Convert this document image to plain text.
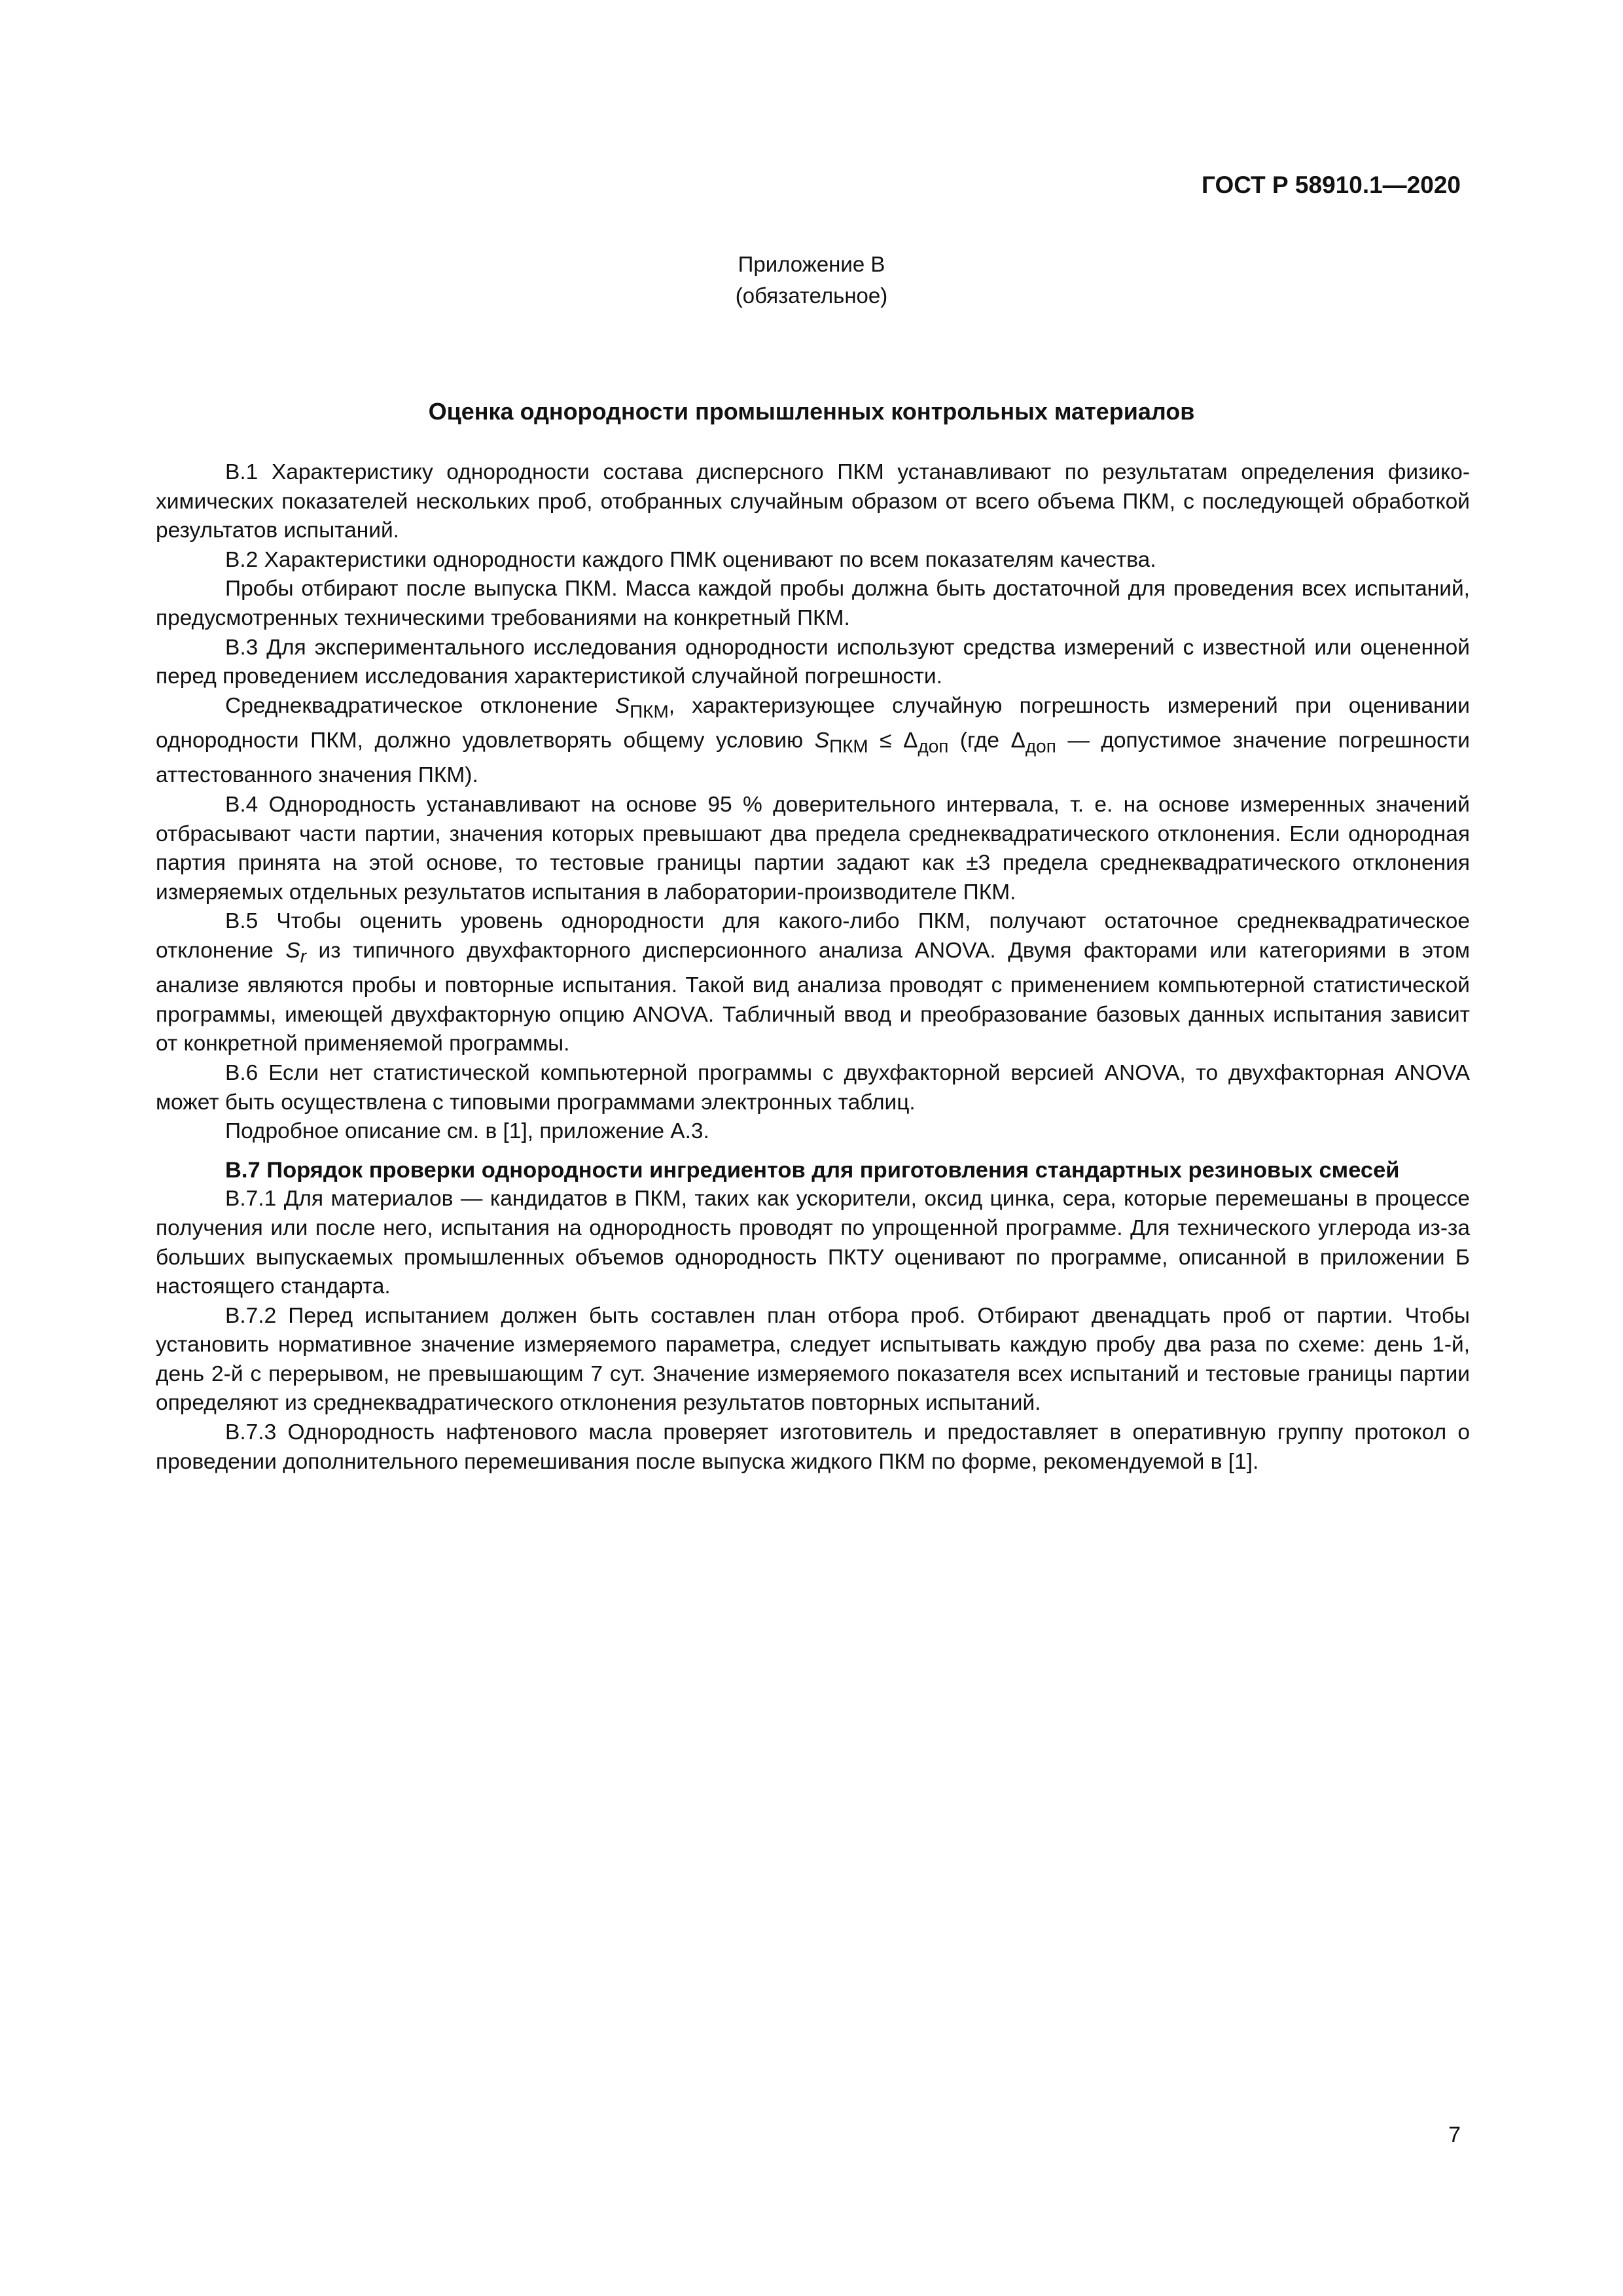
ГОСТ Р 58910.1—2020
Приложение В
(обязательное)
Оценка однородности промышленных контрольных материалов

В.1 Характеристику однородности состава дисперсного ПКМ устанавливают по результатам определения физико-химических показателей нескольких проб, отобранных случайным образом от всего объема ПКМ, с последующей обработкой результатов испытаний.

В.2 Характеристики однородности каждого ПМК оценивают по всем показателям качества.

Пробы отбирают после выпуска ПКМ. Масса каждой пробы должна быть достаточной для проведения всех испытаний, предусмотренных техническими требованиями на конкретный ПКМ.

В.3 Для экспериментального исследования однородности используют средства измерений с известной или оцененной перед проведением исследования характеристикой случайной погрешности.

Среднеквадратическое отклонение $S_{ПКМ}$, характеризующее случайную погрешность измерений при оценивании однородности ПКМ, должно удовлетворять общему условию $S_{ПКМ} \le \Delta_{доп}$ (где $\Delta_{доп}$ — допустимое значение погрешности аттестованного значения ПКМ).

В.4 Однородность устанавливают на основе 95 % доверительного интервала, т. е. на основе измеренных значений отбрасывают части партии, значения которых превышают два предела среднеквадратического отклонения. Если однородная партия принята на этой основе, то тестовые границы партии задают как ±3 предела среднеквадратического отклонения измеряемых отдельных результатов испытания в лаборатории-производителе ПКМ.

В.5 Чтобы оценить уровень однородности для какого-либо ПКМ, получают остаточное среднеквадратическое отклонение $S_r$ из типичного двухфакторного дисперсионного анализа ANOVA. Двумя факторами или категориями в этом анализе являются пробы и повторные испытания. Такой вид анализа проводят с применением компьютерной статистической программы, имеющей двухфакторную опцию ANOVA. Табличный ввод и преобразование базовых данных испытания зависит от конкретной применяемой программы.

В.6 Если нет статистической компьютерной программы с двухфакторной версией ANOVA, то двухфакторная ANOVA может быть осуществлена с типовыми программами электронных таблиц.

Подробное описание см. в [1], приложение А.3.

В.7 Порядок проверки однородности ингредиентов для приготовления стандартных резиновых смесей

В.7.1 Для материалов — кандидатов в ПКМ, таких как ускорители, оксид цинка, сера, которые перемешаны в процессе получения или после него, испытания на однородность проводят по упрощенной программе. Для технического углерода из-за больших выпускаемых промышленных объемов однородность ПКТУ оценивают по программе, описанной в приложении Б настоящего стандарта.

В.7.2 Перед испытанием должен быть составлен план отбора проб. Отбирают двенадцать проб от партии. Чтобы установить нормативное значение измеряемого параметра, следует испытывать каждую пробу два раза по схеме: день 1-й, день 2-й с перерывом, не превышающим 7 сут. Значение измеряемого показателя всех испытаний и тестовые границы партии определяют из среднеквадратического отклонения результатов повторных испытаний.

В.7.3 Однородность нафтенового масла проверяет изготовитель и предоставляет в оперативную группу протокол о проведении дополнительного перемешивания после выпуска жидкого ПКМ по форме, рекомендуемой в [1].

7
